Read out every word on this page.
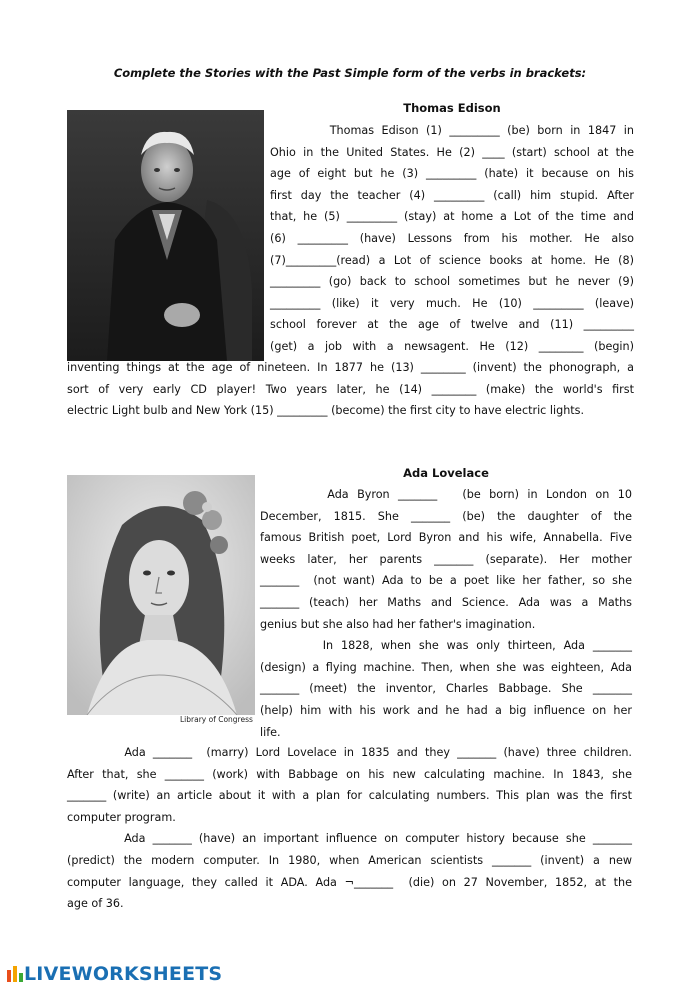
Complete the Stories with the Past Simple form of the verbs in brackets:
Thomas Edison
Thomas Edison (1) _________ (be) born in 1847 in
Ohio in the United States. He (2) ____ (start) school at the
age of eight but he (3) _________ (hate) it because on his
first day the teacher (4) _________ (call) him stupid. After
that, he (5) _________ (stay) at home a Lot of the time and
(6) _________ (have) Lessons from his mother. He also
(7)_________(read) a Lot of science books at home. He (8)
_________ (go) back to school sometimes but he never (9)
_________ (like) it very much. He (10) _________ (leave)
school forever at the age of twelve and (11) _________
(get) a job with a newsagent. He (12) ________ (begin)
inventing things at the age of nineteen. In 1877 he (13) ________ (invent) the phonograph, a
sort of very early CD player! Two years later, he (14) ________ (make) the world's first
electric Light bulb and New York (15) _________ (become) the first city to have electric lights.
Library of Congress
Ada Lovelace
Ada Byron _______   (be born) in London on 10
December, 1815. She _______ (be) the daughter of the
famous British poet, Lord Byron and his wife, Annabella. Five
weeks later, her parents _______ (separate). Her mother
_______  (not want) Ada to be a poet like her father, so she
_______ (teach) her Maths and Science. Ada was a Maths
genius but she also had her father's imagination.
In 1828, when she was only thirteen, Ada _______
(design) a flying machine. Then, when she was eighteen, Ada
_______ (meet) the inventor, Charles Babbage. She _______
(help) him with his work and he had a big influence on her
life.
Ada _______  (marry) Lord Lovelace in 1835 and they _______ (have) three children.
After that, she _______ (work) with Babbage on his new calculating machine. In 1843, she
_______ (write) an article about it with a plan for calculating numbers. This plan was the first
computer program.
Ada _______ (have) an important influence on computer history because she _______
(predict) the modern computer. In 1980, when American scientists _______ (invent) a new
computer language, they called it ADA. Ada ¬_______  (die) on 27 November, 1852, at the
age of 36.
LIVEWORKSHEETS
